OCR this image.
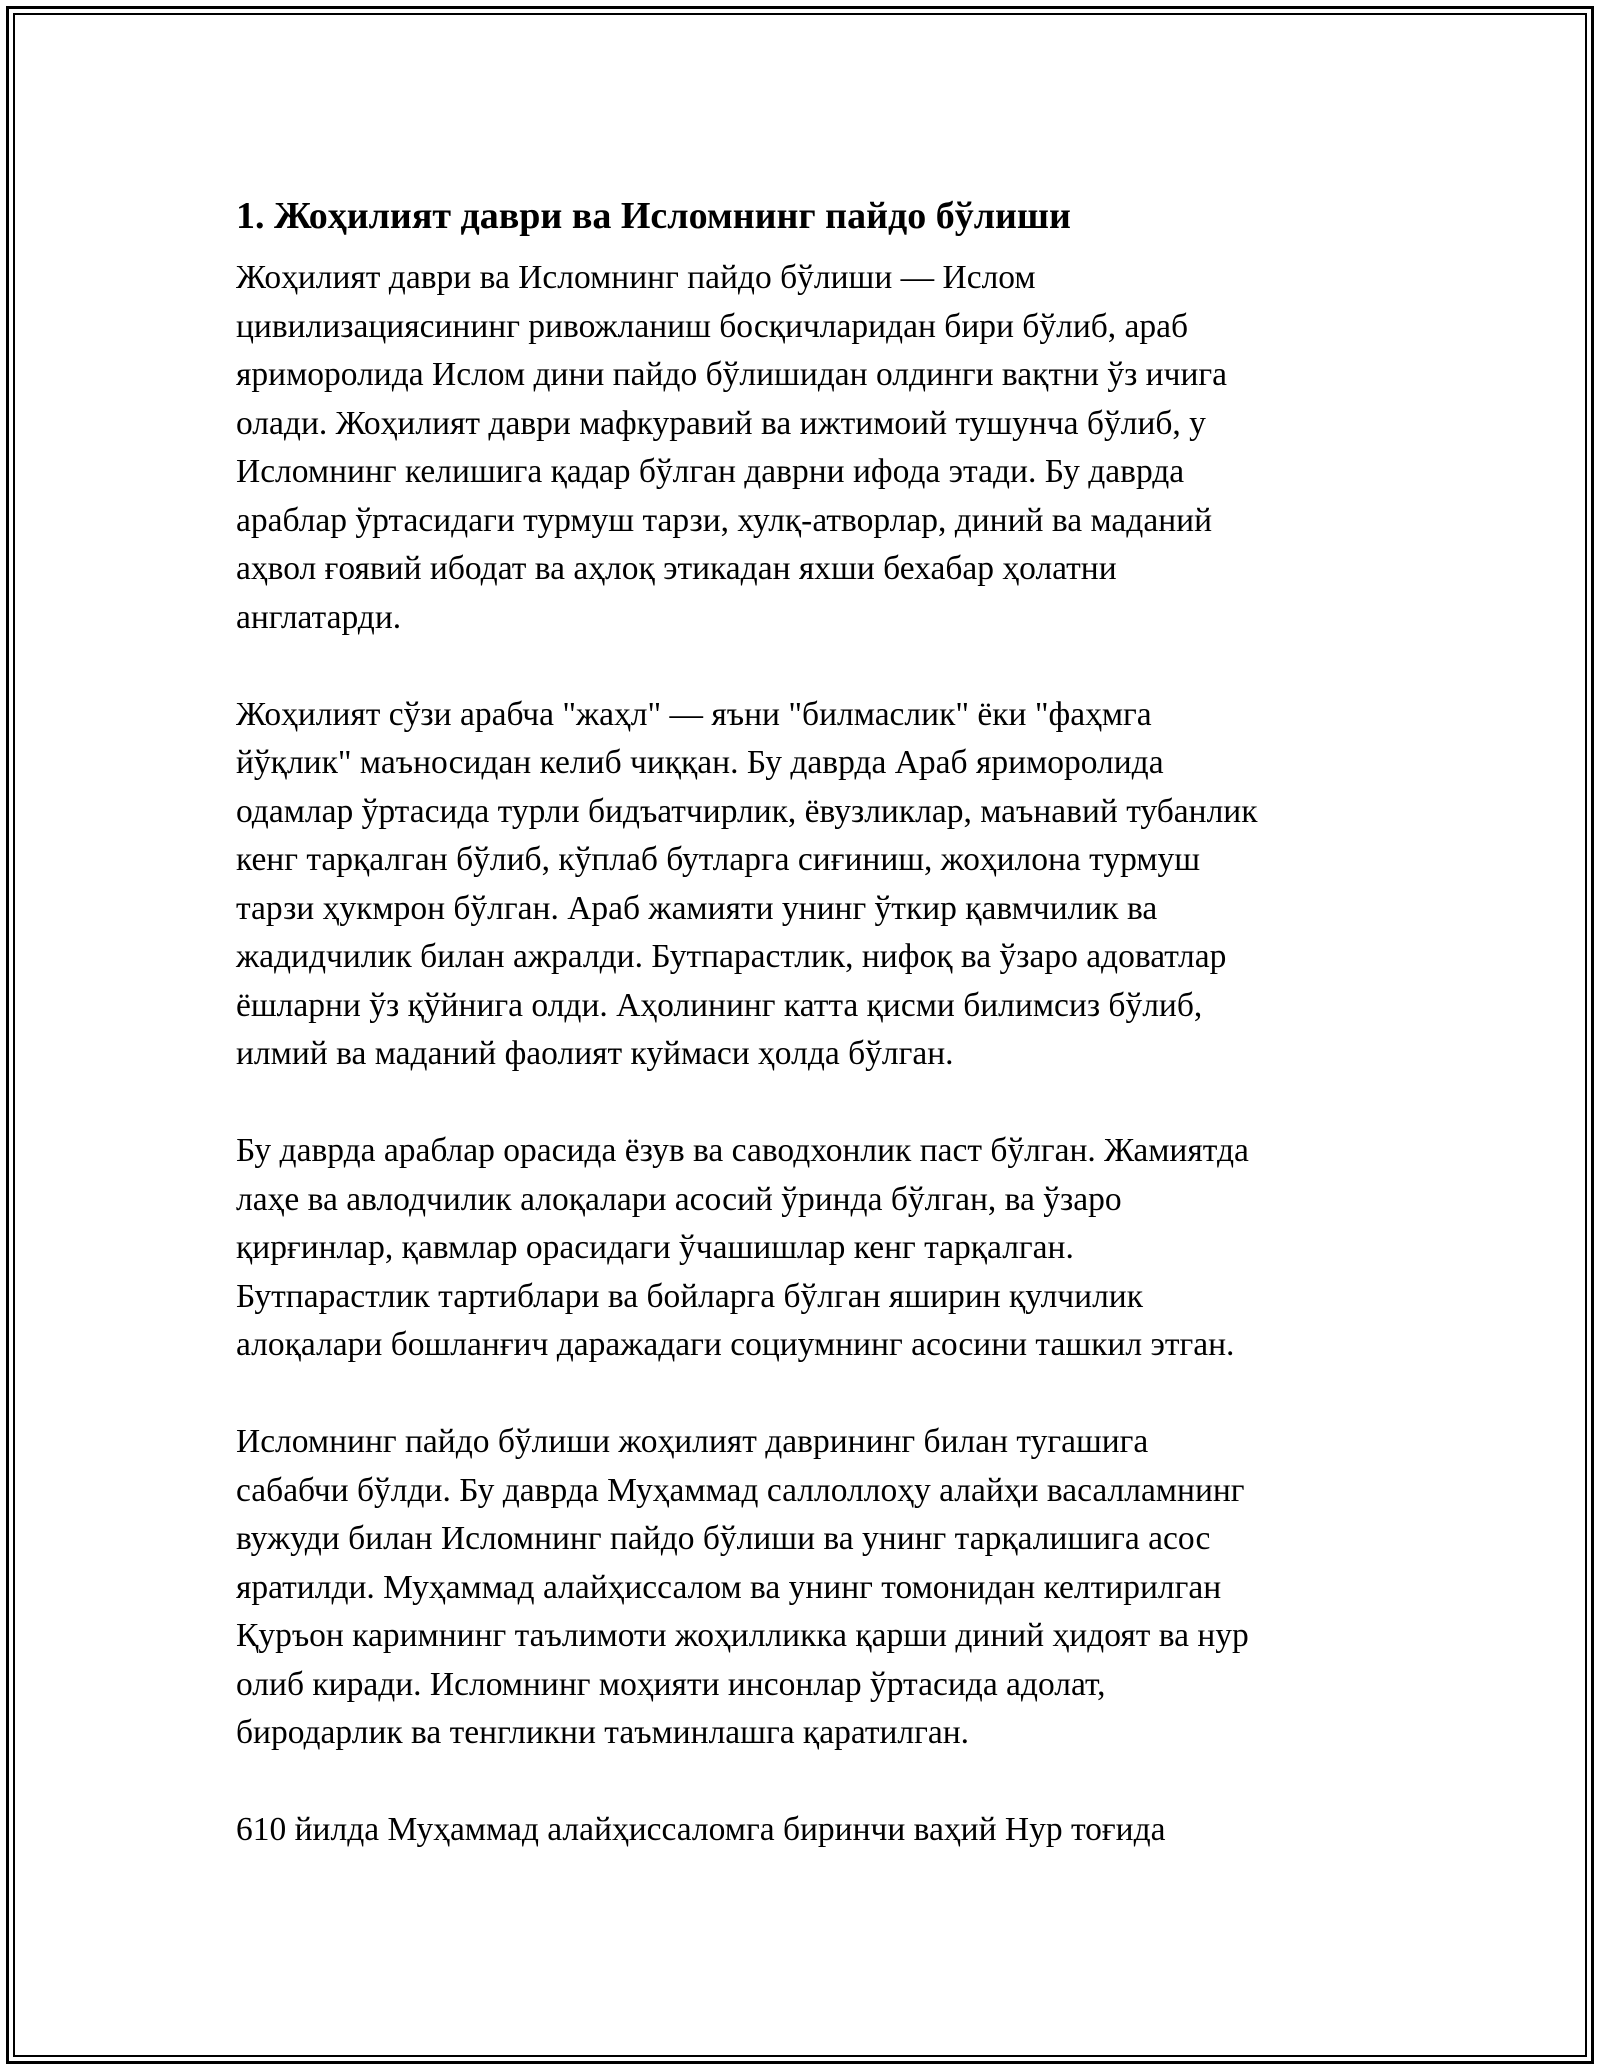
1. Жоҳилият даври ва Исломнинг пайдо бўлиши
Жоҳилият даври ва Исломнинг пайдо бўлиши — Ислом
цивилизациясининг ривожланиш босқичларидан бири бўлиб, араб
яриморолида Ислом дини пайдо бўлишидан олдинги вақтни ўз ичига
олади. Жоҳилият даври мафкуравий ва ижтимоий тушунча бўлиб, у
Исломнинг келишига қадар бўлган даврни ифода этади. Бу даврда
араблар ўртасидаги турмуш тарзи, хулқ-атворлар, диний ва маданий
аҳвол ғоявий ибодат ва аҳлоқ этикадан яхши бехабар ҳолатни
англатарди.
Жоҳилият сўзи арабча "жаҳл" — яъни "билмаслик" ёки "фаҳмга
йўқлик" маъносидан келиб чиққан. Бу даврда Араб яриморолида
одамлар ўртасида турли бидъатчирлик, ёвузликлар, маънавий тубанлик
кенг тарқалган бўлиб, кўплаб бутларга сиғиниш, жоҳилона турмуш
тарзи ҳукмрон бўлган. Араб жамияти унинг ўткир қавмчилик ва
жадидчилик билан ажралди. Бутпарастлик, нифоқ ва ўзаро адоватлар
ёшларни ўз қўйнига олди. Аҳолининг катта қисми билимсиз бўлиб,
илмий ва маданий фаолият куймаси ҳолда бўлган.
Бу даврда араблар орасида ёзув ва саводхонлик паст бўлган. Жамиятда
лаҳе ва авлодчилик алоқалари асосий ўринда бўлган, ва ўзаро
қирғинлар, қавмлар орасидаги ўчашишлар кенг тарқалган.
Бутпарастлик тартиблари ва бойларга бўлган яширин қулчилик
алоқалари бошланғич даражадаги социумнинг асосини ташкил этган.
Исломнинг пайдо бўлиши жоҳилият даврининг билан тугашига
сабабчи бўлди. Бу даврда Муҳаммад саллоллоҳу алайҳи васалламнинг
вужуди билан Исломнинг пайдо бўлиши ва унинг тарқалишига асос
яратилди. Муҳаммад алайҳиссалом ва унинг томонидан келтирилган
Қуръон каримнинг таълимоти жоҳилликка қарши диний ҳидоят ва нур
олиб киради. Исломнинг моҳияти инсонлар ўртасида адолат,
биродарлик ва тенгликни таъминлашга қаратилган.
610 йилда Муҳаммад алайҳиссаломга биринчи ваҳий Нур тоғида
